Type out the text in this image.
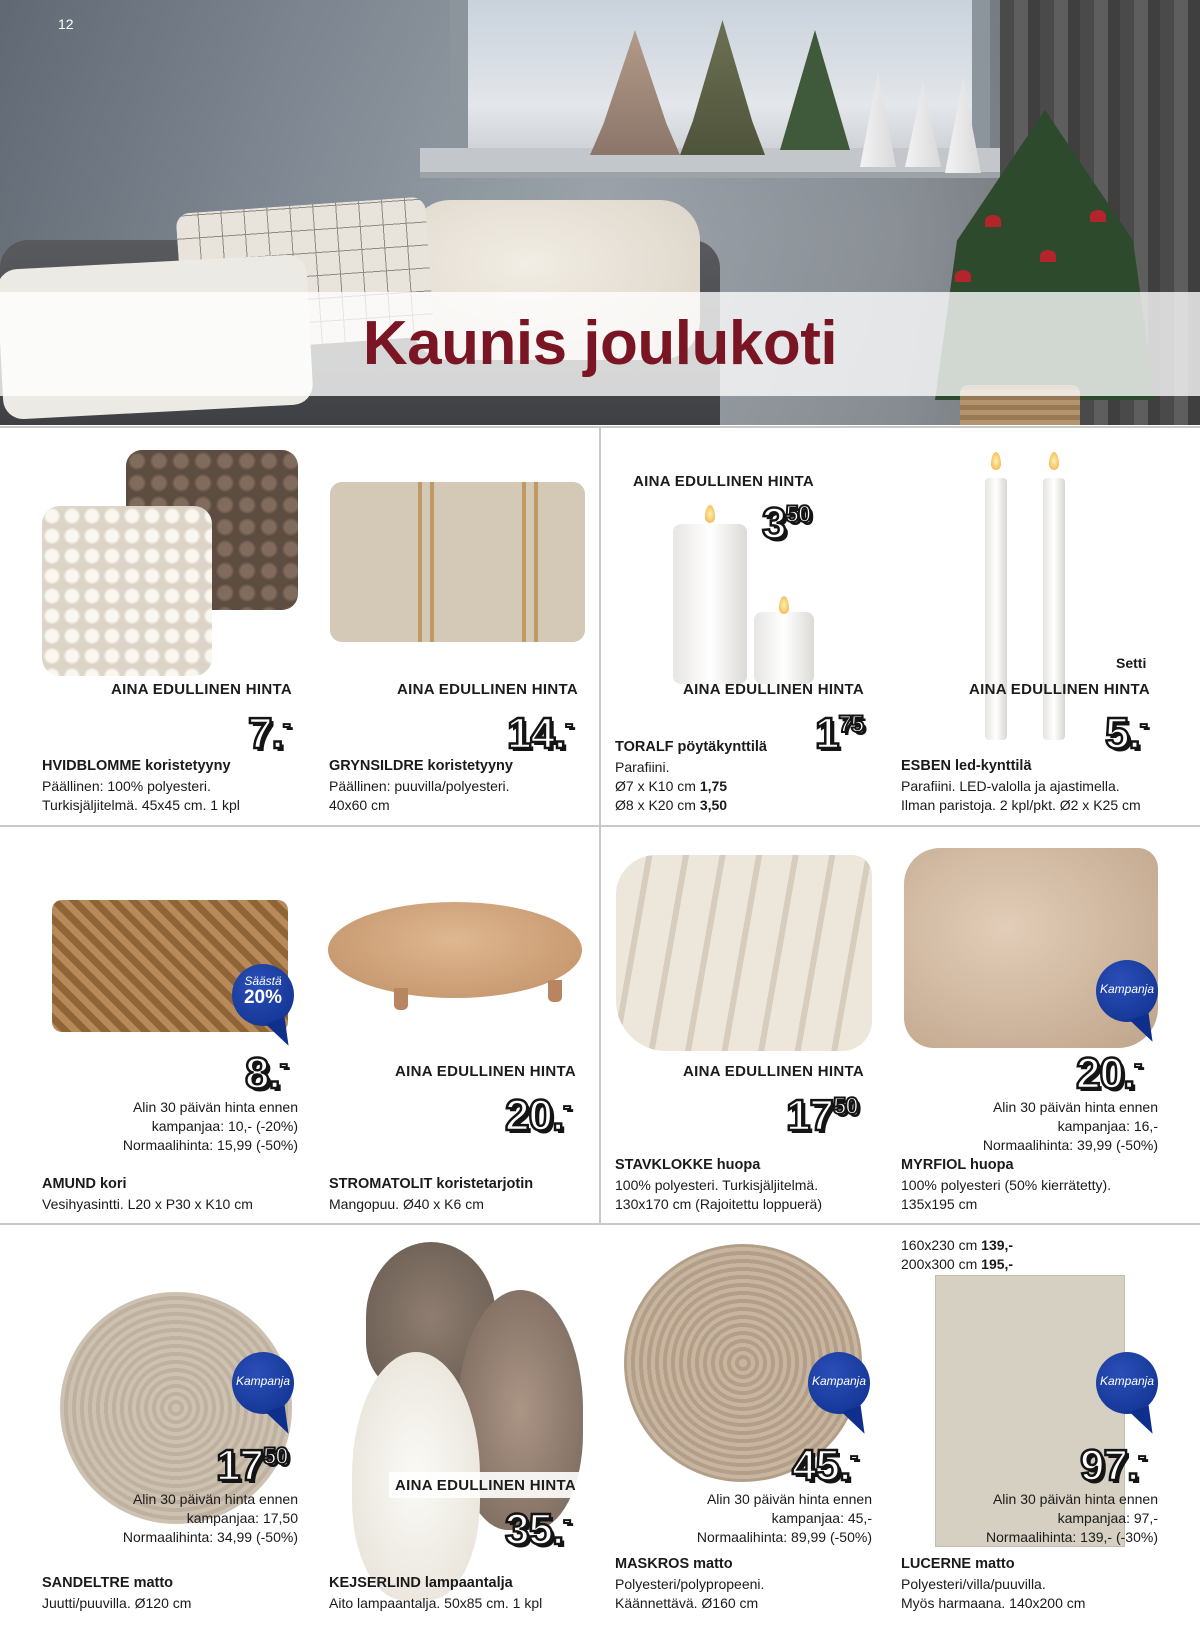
Kaunis joulukoti
12
AINA EDULLINEN HINTA
7.-
HVIDBLOMME koristetyyny
Päällinen: 100% polyesteri.
Turkisjäljitelmä. 45x45 cm. 1 kpl
AINA EDULLINEN HINTA
14.-
GRYNSILDRE koristetyyny
Päällinen: puuvilla/polyesteri.
40x60 cm
AINA EDULLINEN HINTA
$3^{50}$
AINA EDULLINEN HINTA
$1^{75}$
TORALF pöytäkynttilä
Parafiini.
Ø7 x K10 cm 1,75
Ø8 x K20 cm 3,50
Setti
AINA EDULLINEN HINTA
5.-
ESBEN led-kynttilä
Parafiini. LED-valolla ja ajastimella.
Ilman paristoja. 2 kpl/pkt. Ø2 x K25 cm
Säästä
20%
8.-
Alin 30 päivän hinta ennen
kampanjaa: 10,- (-20%)
Normaalihinta: 15,99 (-50%)
AMUND kori
Vesihyasintti. L20 x P30 x K10 cm
AINA EDULLINEN HINTA
20.-
STROMATOLIT koristetarjotin
Mangopuu. Ø40 x K6 cm
AINA EDULLINEN HINTA
$17^{50}$
STAVKLOKKE huopa
100% polyesteri. Turkisjäljitelmä.
130x170 cm (Rajoitettu loppuerä)
Kampanja
20.-
Alin 30 päivän hinta ennen
kampanjaa: 16,-
Normaalihinta: 39,99 (-50%)
MYRFIOL huopa
100% polyesteri (50% kierrätetty).
135x195 cm
Kampanja
$17^{50}$
Alin 30 päivän hinta ennen
kampanjaa: 17,50
Normaalihinta: 34,99 (-50%)
SANDELTRE matto
Juutti/puuvilla. Ø120 cm
AINA EDULLINEN HINTA
35.-
KEJSERLIND lampaantalja
Aito lampaantalja. 50x85 cm. 1 kpl
Kampanja
45.-
Alin 30 päivän hinta ennen
kampanjaa: 45,-
Normaalihinta: 89,99 (-50%)
MASKROS matto
Polyesteri/polypropeeni.
Käännettävä. Ø160 cm
160x230 cm 139,-
200x300 cm 195,-
Kampanja
97.-
Alin 30 päivän hinta ennen
kampanjaa: 97,-
Normaalihinta: 139,- (-30%)
LUCERNE matto
Polyesteri/villa/puuvilla.
Myös harmaana. 140x200 cm
